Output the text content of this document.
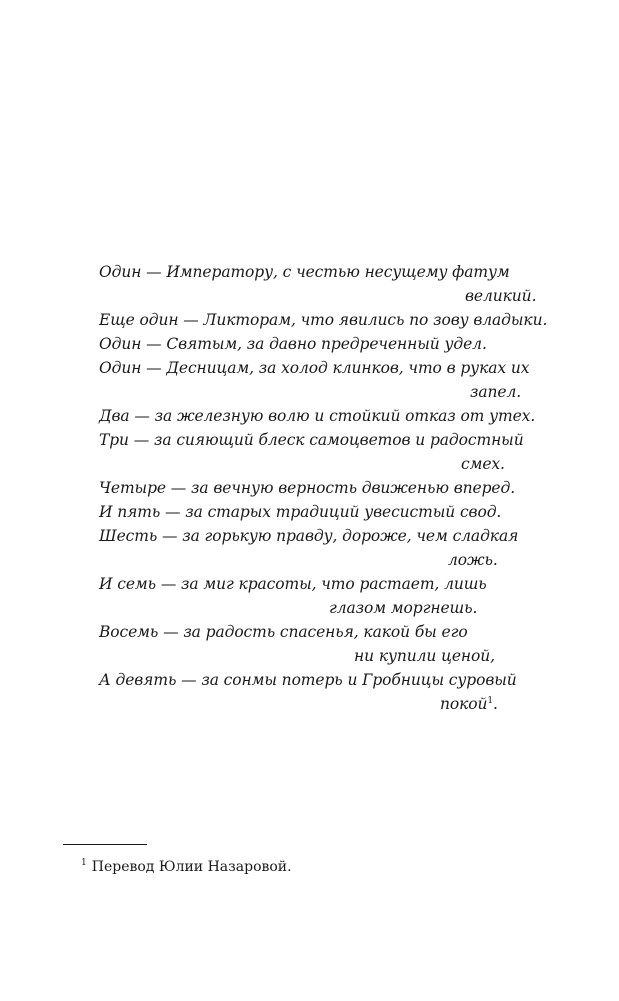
Один — Императору, с честью несущему фатум
великий.
Еще один — Ликторам, что явились по зову владыки.
Один — Святым, за давно предреченный удел.
Один — Десницам, за холод клинков, что в руках их
запел.
Два — за железную волю и стойкий отказ от утех.
Три — за сияющий блеск самоцветов и радостный
смех.
Четыре — за вечную верность движенью вперед.
И пять — за старых традиций увесистый свод.
Шесть — за горькую правду, дороже, чем сладкая
ложь.
И семь — за миг красоты, что растает, лишь
глазом моргнешь.
Восемь — за радость спасенья, какой бы его
ни купили ценой,
А девять — за сонмы потерь и Гробницы суровый
покой$^1$.
$^1$ Перевод Юлии Назаровой.
